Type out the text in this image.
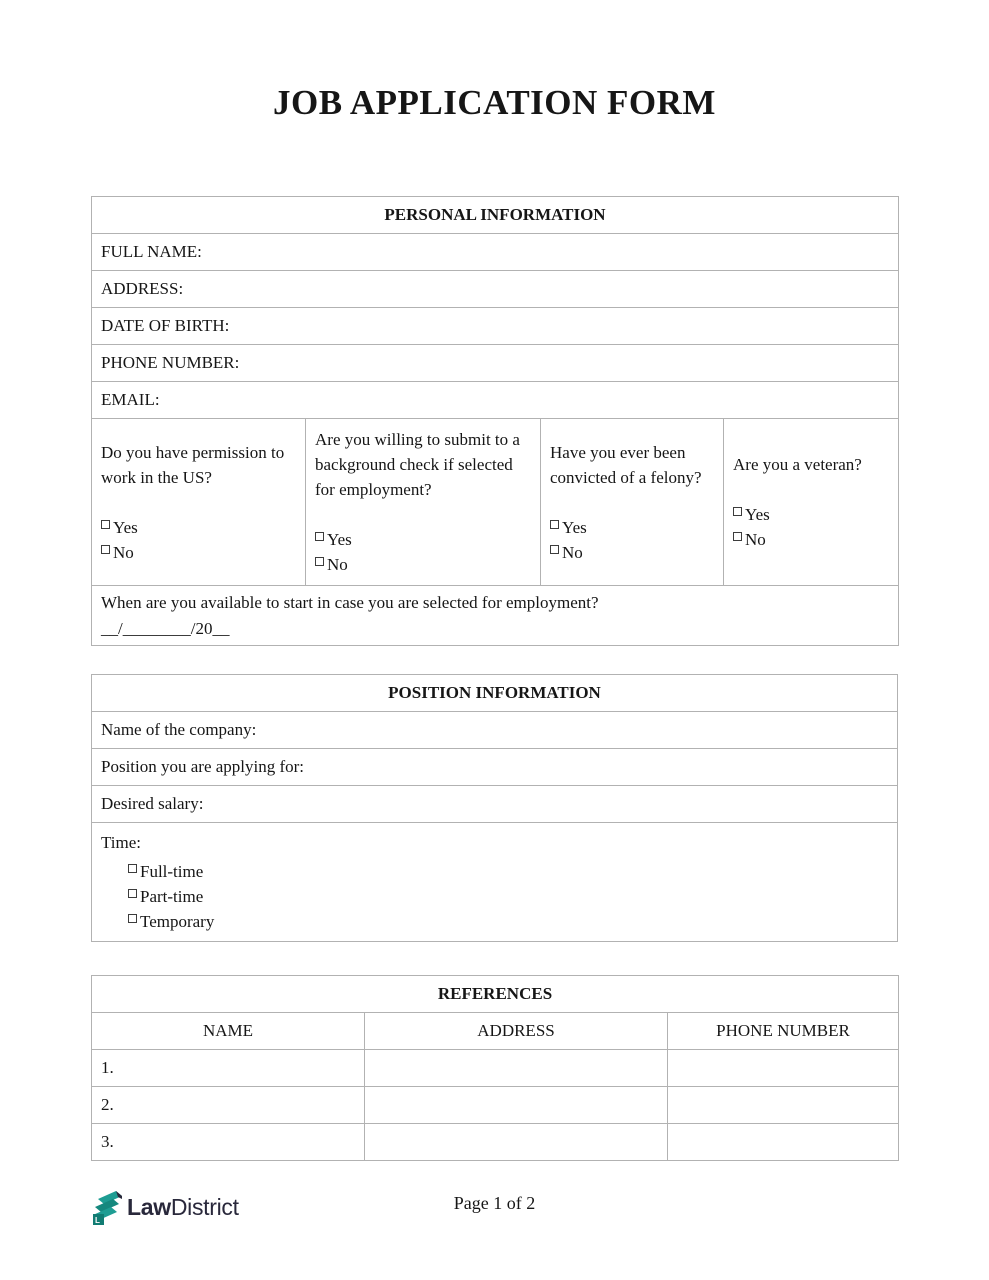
JOB APPLICATION FORM
PERSONAL INFORMATION
FULL NAME:
ADDRESS:
DATE OF BIRTH:
PHONE NUMBER:
EMAIL:

Do you have permission to work in the US?

Yes
No

Are you willing to submit to a background check if selected for employment?

Yes
No

Have you ever been convicted of a felony?

Yes
No

Are you a veteran?

Yes
No

When are you available to start in case you are selected for employment?
__/________/20__
POSITION INFORMATION
Name of the company:
Position you are applying for:
Desired salary:

Time:
Full-time
Part-time
Temporary
REFERENCES		
NAME	ADDRESS	PHONE NUMBER
1.		
2.		
3.		
L
LawDistrict	Page 1 of 2
